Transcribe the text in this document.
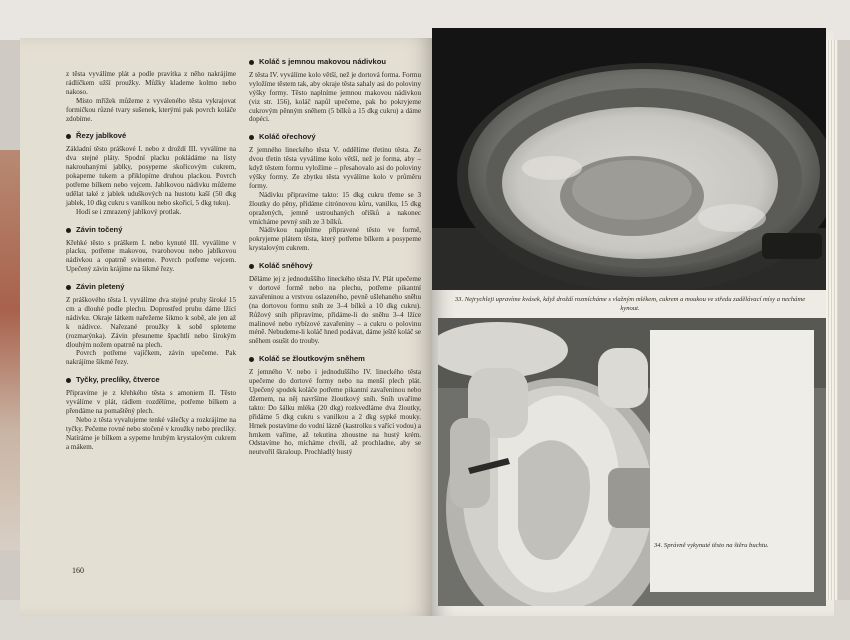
z těsta vyválíme plát a podle pravítka z něho nakrájíme rádlíčkem užší proužky. Můžky klademe kolmo nebo nakoso.

Místo mřížek můžeme z vyváleného těsta vykrajovat formičkou různé tvary sušenek, kterými pak povrch koláče zdobíme.

Řezy jablkové

Základní těsto práškové I. nebo z droždí III. vyválíme na dva stejné pláty. Spodní placku pokládáme na listy nakrouhanými jablky, posypeme skořicovým cukrem, pokapeme tukem a přiklopíme druhou plackou. Povrch potřeme bílkem nebo vejcem. Jablkovou nádivku můžeme udělat také z jablek uduškových na hustotu kaší (50 dkg jablek, 10 dkg cukru s vanilkou nebo skořicí, 5 dkg tuku).

Hodí se i zmrazený jablkový protlak.

Závin točený

Křehké těsto s práškem I. nebo kynuté III. vyválíme v placku, potřeme makovou, tvarohovou nebo jablkovou nádivkou a opatrně svineme. Povrch potřeme vejcem. Upečený závin krájíme na šikmé řezy.

Závin pletený

Z práškového těsta I. vyválíme dva stejné pruhy široké 15 cm a dlouhé podle plechu. Doprostřed pruhu dáme lžící nádivku. Okraje látkem nařežeme šikmo k sobě, ale jen až k nádivce. Nařezané proužky k sobě spleteme (rozmarýnka). Závin přesuneme špachtlí nebo širokým dlouhým nožem opatrně na plech.

Povrch potřeme vajíčkem, závin upečeme. Pak nakrájíme šikmé řezy.

Tyčky, preclíky, čtverce

Připravíme je z křehkého těsta s amoniem II. Těsto vyválíme v plát, rádlem rozdělíme, potřeme bílkem a přendáme na pomaštěný plech.

Nebo z těsta vyvalujeme tenké válečky a rozkrájíme na tyčky. Pečeme rovné nebo stočené v kroužky nebo preclíky. Natíráme je bílkem a sypeme hrubým krystalovým cukrem a mákem.

Koláč s jemnou makovou nádivkou

Z těsta IV. vyválíme kolo větší, než je dortová forma. Formu vyložíme těstem tak, aby okraje těsta sahaly asi do poloviny výšky formy. Těsto naplníme jemnou makovou nádivkou (viz str. 156), koláč napůl upečeme, pak ho pokryjeme cukrovým pěnným sněhem (5 bílků a 15 dkg cukru) a dáme dopéci.

Koláč ořechový

Z jemného lineckého těsta V. oddělíme třetinu těsta. Ze dvou třetin těsta vyválíme kolo větší, než je forma, aby – když těstem formu vyložíme – přesahovalo asi do poloviny výšky formy. Ze zbytku těsta vyválíme kolo v průměru formy.

Nádivku připravíme takto: 15 dkg cukru třeme se 3 žloutky do pěny, přidáme citrónovou kůru, vanilku, 15 dkg opražených, jemně ustrouhaných ořišků a nakonec vmícháme pevný sníh ze 3 bílků.

Nádivkou naplníme připravené těsto ve formě, pokryjeme plátem těsta, který potřeme bílkem a posypeme krystalovým cukrem.

Koláč sněhový

Děláme jej z jednoduššího lineckého těsta IV. Plát upečeme v dortové formě nebo na plechu, potřeme pikantní zavařeninou a vrstvou oslazeného, pevně ušlehaného sněhu (na dortovou formu sníh ze 3–4 bílků a 10 dkg cukru). Růžový sníh připravíme, přidáme-li do sněhu 3–4 lžíce malinové nebo rybízové zavařeniny – a cukru o polovinu méně. Nebudeme-li koláč hned podávat, dáme ještě koláč se sněhem osušit do trouby.

Koláč se žloutkovým sněhem

Z jemného V. nebo i jednoduššího IV. lineckého těsta upečeme do dortové formy nebo na menší plech plát. Upečený spodek koláče potřeme pikantní zavařeninou nebo džemem, na něj navršíme žloutkový sníh. Sníh uvaříme takto: Do šálku mléka (20 dkg) rozkvedláme dva žloutky, přidáme 5 dkg cukru s vanilkou a 2 dkg sypké mouky. Hrnek postavíme do vodní lázně (kastrolku s vařící vodou) a hrnkem vaříme, až tekutina zhoustne na hustý krém. Odstavíme ho, mícháme chvíli, až prochladne, aby se neutvořil škraloup. Prochladlý hustý

160
33. Nejrychleji upravíme kvásek, když droždí rozmícháme s vlažným mlékem, cukrem a moukou ve středu zadělávací mísy a necháme kynout.
34. Správně vykynuté těsto na štěru buchtu.
